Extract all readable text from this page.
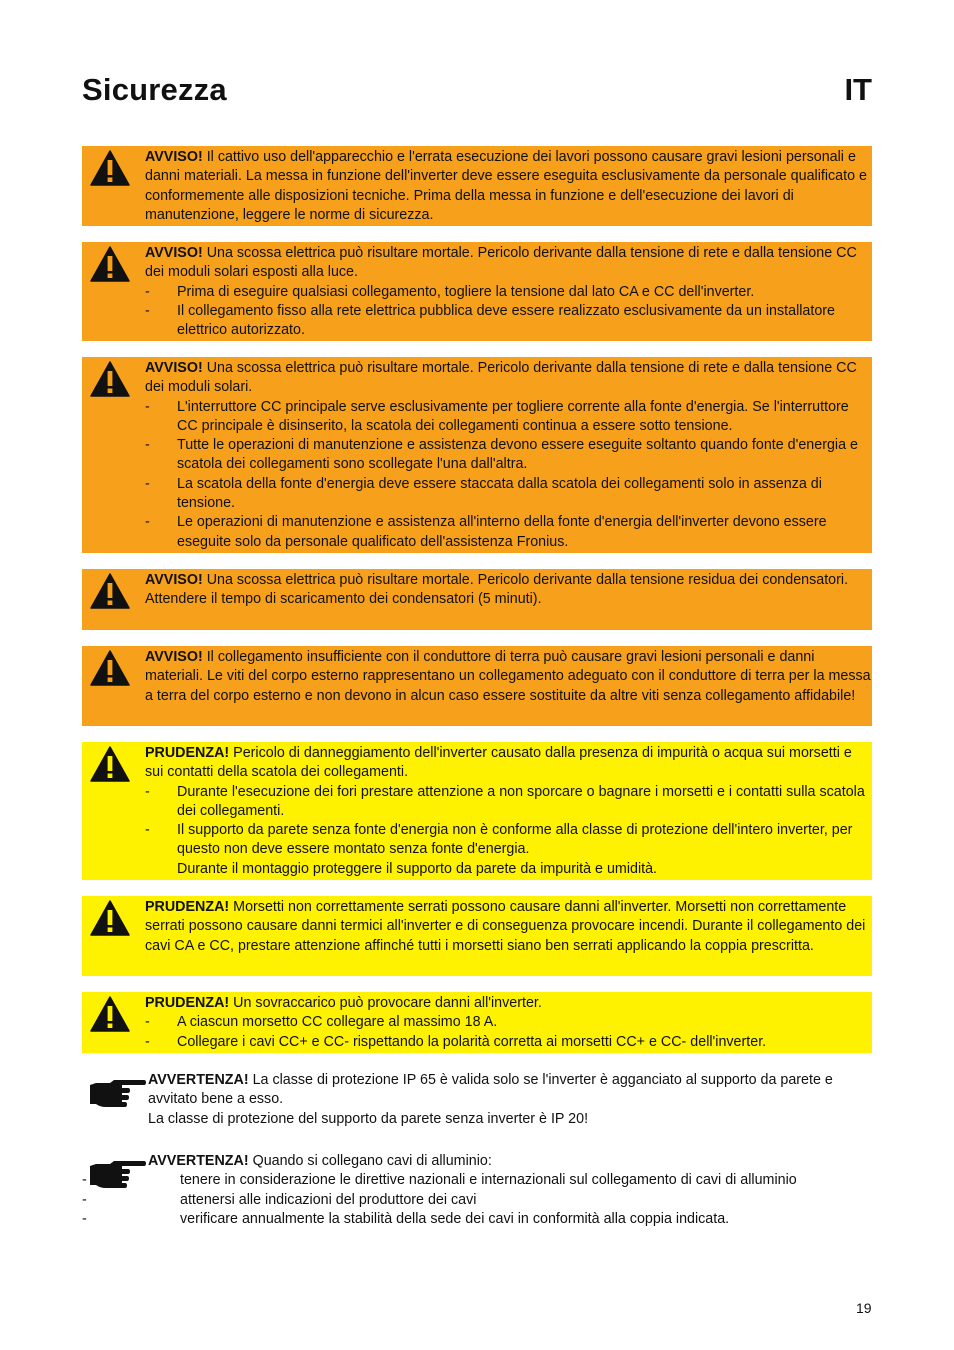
Sicurezza	IT

AVVISO! Il cattivo uso dell'apparecchio e l'errata esecuzione dei lavori possono causare gravi lesioni personali e danni materiali. La messa in funzione dell'inverter deve essere eseguita esclusivamente da personale qualificato e conformemente alle disposizioni tecniche. Prima della messa in funzione e dell'esecuzione dei lavori di manutenzione, leggere le norme di sicurezza.

AVVISO! Una scossa elettrica può risultare mortale. Pericolo derivante dalla tensione di rete e dalla tensione CC dei moduli solari esposti alla luce.

- Prima di eseguire qualsiasi collegamento, togliere la tensione dal lato CA e CC dell'inverter.
- Il collegamento fisso alla rete elettrica pubblica deve essere realizzato esclusivamente da un installatore elettrico autorizzato.

AVVISO! Una scossa elettrica può risultare mortale. Pericolo derivante dalla tensione di rete e dalla tensione CC dei moduli solari.

- L'interruttore CC principale serve esclusivamente per togliere corrente alla fonte d'energia. Se l'interruttore CC principale è disinserito, la scatola dei collegamenti continua a essere sotto tensione.
- Tutte le operazioni di manutenzione e assistenza devono essere eseguite soltanto quando fonte d'energia e scatola dei collegamenti sono scollegate l'una dall'altra.
- La scatola della fonte d'energia deve essere staccata dalla scatola dei collegamenti solo in assenza di tensione.
- Le operazioni di manutenzione e assistenza all'interno della fonte d'energia dell'inverter devono essere eseguite solo da personale qualificato dell'assistenza Fronius.

AVVISO! Una scossa elettrica può risultare mortale. Pericolo derivante dalla tensione residua dei condensatori.

Attendere il tempo di scaricamento dei condensatori (5 minuti).

AVVISO! Il collegamento insufficiente con il conduttore di terra può causare gravi lesioni personali e danni materiali. Le viti del corpo esterno rappresentano un collegamento adeguato con il conduttore di terra per la messa a terra del corpo esterno e non devono in alcun caso essere sostituite da altre viti senza collegamento affidabile!

PRUDENZA! Pericolo di danneggiamento dell'inverter causato dalla presenza di impurità o acqua sui morsetti e sui contatti della scatola dei collegamenti.

- Durante l'esecuzione dei fori prestare attenzione a non sporcare o bagnare i morsetti e i contatti sulla scatola dei collegamenti.
- Il supporto da parete senza fonte d'energia non è conforme alla classe di protezione dell'intero inverter, per questo non deve essere montato senza fonte d'energia.
Durante il montaggio proteggere il supporto da parete da impurità e umidità.

PRUDENZA! Morsetti non correttamente serrati possono causare danni all'inverter. Morsetti non correttamente serrati possono causare danni termici all'inverter e di conseguenza provocare incendi. Durante il collegamento dei cavi CA e CC, prestare attenzione affinché tutti i morsetti siano ben serrati applicando la coppia prescritta.

PRUDENZA! Un sovraccarico può provocare danni all'inverter.

- A ciascun morsetto CC collegare al massimo 18 A.
- Collegare i cavi CC+ e CC- rispettando la polarità corretta ai morsetti CC+ e CC- dell'inverter.

AVVERTENZA! La classe di protezione IP 65 è valida solo se l'inverter è agganciato al supporto da parete e avvitato bene a esso.

La classe di protezione del supporto da parete senza inverter è IP 20!

AVVERTENZA! Quando si collegano cavi di alluminio:

- tenere in considerazione le direttive nazionali e internazionali sul collegamento di cavi di alluminio
- attenersi alle indicazioni del produttore dei cavi
- verificare annualmente la stabilità della sede dei cavi in conformità alla coppia indicata.
19
